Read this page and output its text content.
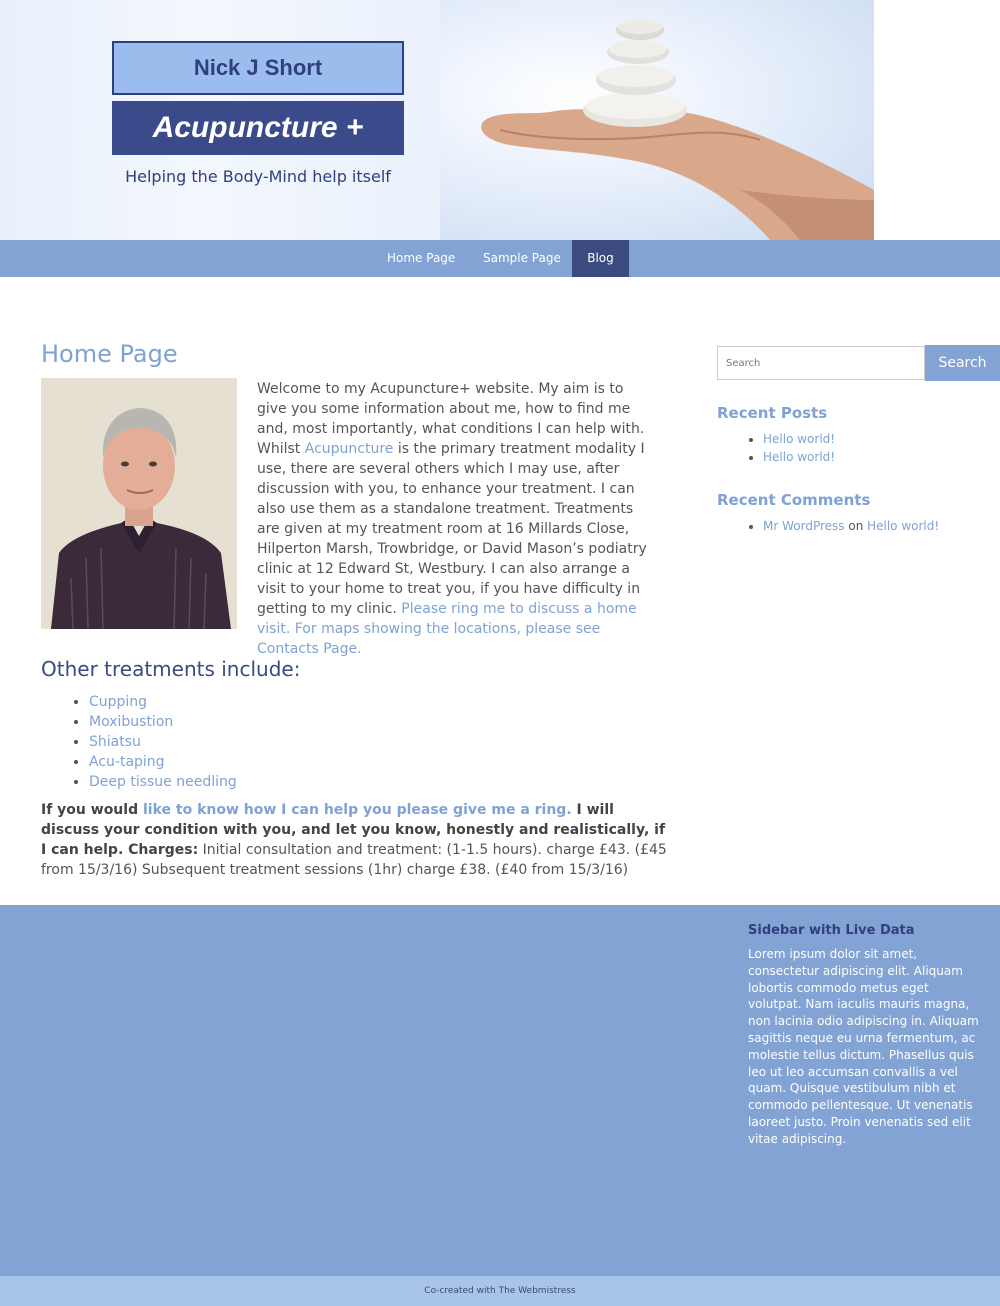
Nick J Short
Acupuncture +
Helping the Body-Mind help itself
Home Page	Sample Page	Blog
Home Page

Welcome to my Acupuncture+ website. My aim is to give you some information about me, how to find me and, most importantly, what conditions I can help with.

Whilst Acupuncture is the primary treatment modality I use, there are several others which I may use, after discussion with you, to enhance your treatment. I can also use them as a standalone treatment. Treatments are given at my treatment room at 16 Millards Close, Hilperton Marsh, Trowbridge, or David Mason’s podiatry clinic at 12 Edward St, Westbury. I can also arrange a visit to your home to treat you, if you have difficulty in getting to my clinic. Please ring me to discuss a home visit. For maps showing the locations, please see Contacts Page.

Other treatments include:
• Cupping
• Moxibustion
• Shiatsu
• Acu-taping
• Deep tissue needling

If you would like to know how I can help you please give me a ring. I will discuss your condition with you, and let you know, honestly and realistically, if I can help. Charges: Initial consultation and treatment: (1-1.5 hours). charge £43. (£45 from 15/3/16) Subsequent treatment sessions (1hr) charge £38. (£40 from 15/3/16)

Search
Search
Recent Posts
• Hello world!
• Hello world!
Recent Comments
• Mr WordPress on Hello world!
Sidebar with Live Data

Lorem ipsum dolor sit amet, consectetur adipiscing elit. Aliquam lobortis commodo metus eget volutpat. Nam iaculis mauris magna, non lacinia odio adipiscing in. Aliquam sagittis neque eu urna fermentum, ac molestie tellus dictum. Phasellus quis leo ut leo accumsan convallis a vel quam. Quisque vestibulum nibh et commodo pellentesque. Ut venenatis laoreet justo. Proin venenatis sed elit vitae adipiscing.

Co-created with The Webmistress
